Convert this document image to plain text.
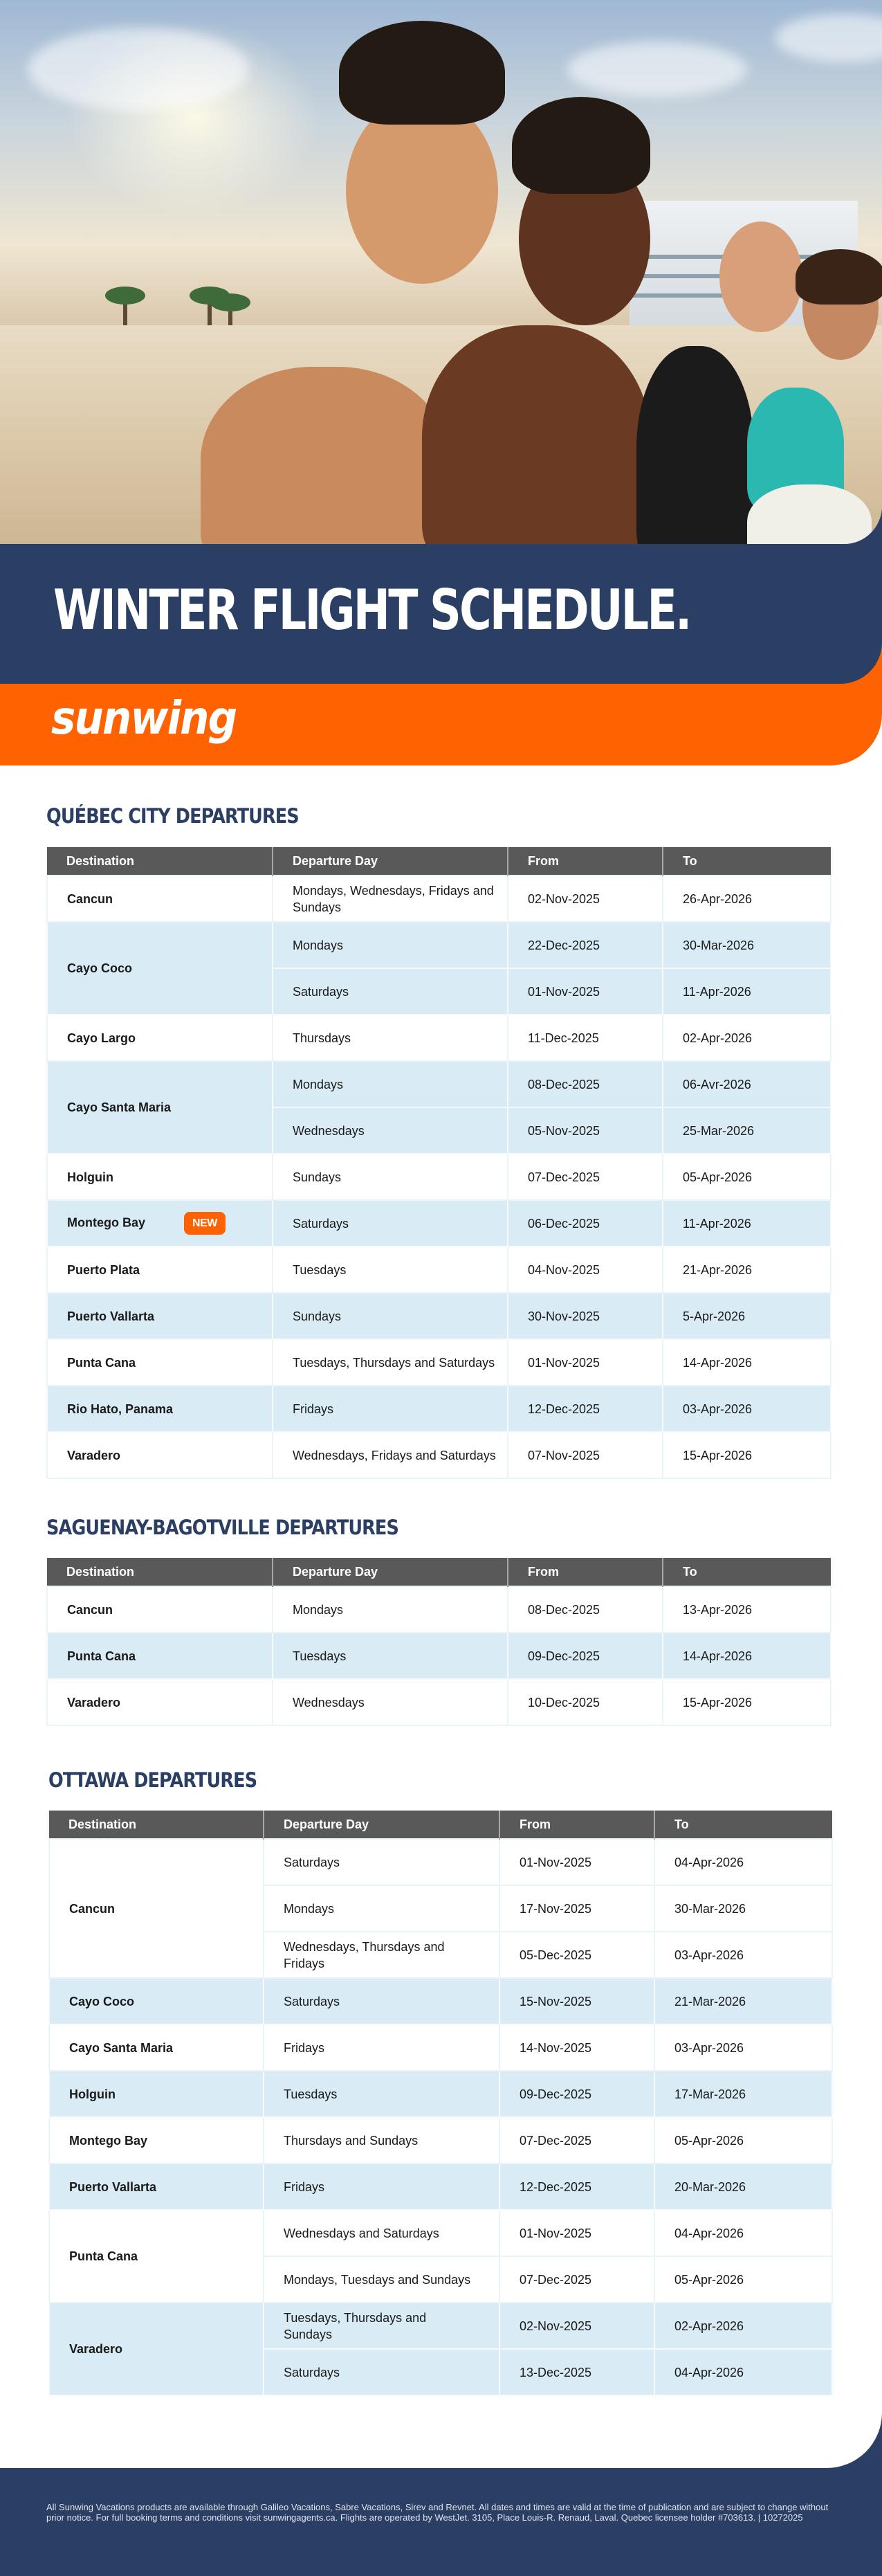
WINTER FLIGHT SCHEDULE.
sunwing
QUÉBEC CITY DEPARTURES
Destination	Departure Day	From	To
Cancun	Mondays, Wednesdays, Fridays and Sundays	02-Nov-2025	26-Apr-2026
Cayo Coco	Mondays	22-Dec-2025	30-Mar-2026
	Saturdays	01-Nov-2025	11-Apr-2026
Cayo Largo	Thursdays	11-Dec-2025	02-Apr-2026
Cayo Santa Maria	Mondays	08-Dec-2025	06-Avr-2026
	Wednesdays	05-Nov-2025	25-Mar-2026
Holguin	Sundays	07-Dec-2025	05-Apr-2026
Montego Bay NEW	Saturdays	06-Dec-2025	11-Apr-2026
Puerto Plata	Tuesdays	04-Nov-2025	21-Apr-2026
Puerto Vallarta	Sundays	30-Nov-2025	5-Apr-2026
Punta Cana	Tuesdays, Thursdays and Saturdays	01-Nov-2025	14-Apr-2026
Rio Hato, Panama	Fridays	12-Dec-2025	03-Apr-2026
Varadero	Wednesdays, Fridays and Saturdays	07-Nov-2025	15-Apr-2026
SAGUENAY-BAGOTVILLE DEPARTURES
Destination	Departure Day	From	To
Cancun	Mondays	08-Dec-2025	13-Apr-2026
Punta Cana	Tuesdays	09-Dec-2025	14-Apr-2026
Varadero	Wednesdays	10-Dec-2025	15-Apr-2026
OTTAWA DEPARTURES
Destination	Departure Day	From	To
Cancun	Saturdays	01-Nov-2025	04-Apr-2026
	Mondays	17-Nov-2025	30-Mar-2026
	Wednesdays, Thursdays and Fridays	05-Dec-2025	03-Apr-2026
Cayo Coco	Saturdays	15-Nov-2025	21-Mar-2026
Cayo Santa Maria	Fridays	14-Nov-2025	03-Apr-2026
Holguin	Tuesdays	09-Dec-2025	17-Mar-2026
Montego Bay	Thursdays and Sundays	07-Dec-2025	05-Apr-2026
Puerto Vallarta	Fridays	12-Dec-2025	20-Mar-2026
Punta Cana	Wednesdays and Saturdays	01-Nov-2025	04-Apr-2026
	Mondays, Tuesdays and Sundays	07-Dec-2025	05-Apr-2026
Varadero	Tuesdays, Thursdays and Sundays	02-Nov-2025	02-Apr-2026
	Saturdays	13-Dec-2025	04-Apr-2026

All Sunwing Vacations products are available through Galileo Vacations, Sabre Vacations, Sirev and Revnet. All dates and times are valid at the time of publication and are subject to change without prior notice. For full booking terms and conditions visit sunwingagents.ca. Flights are operated by WestJet. 3105, Place Louis-R. Renaud, Laval. Quebec licensee holder #703613. | 10272025
